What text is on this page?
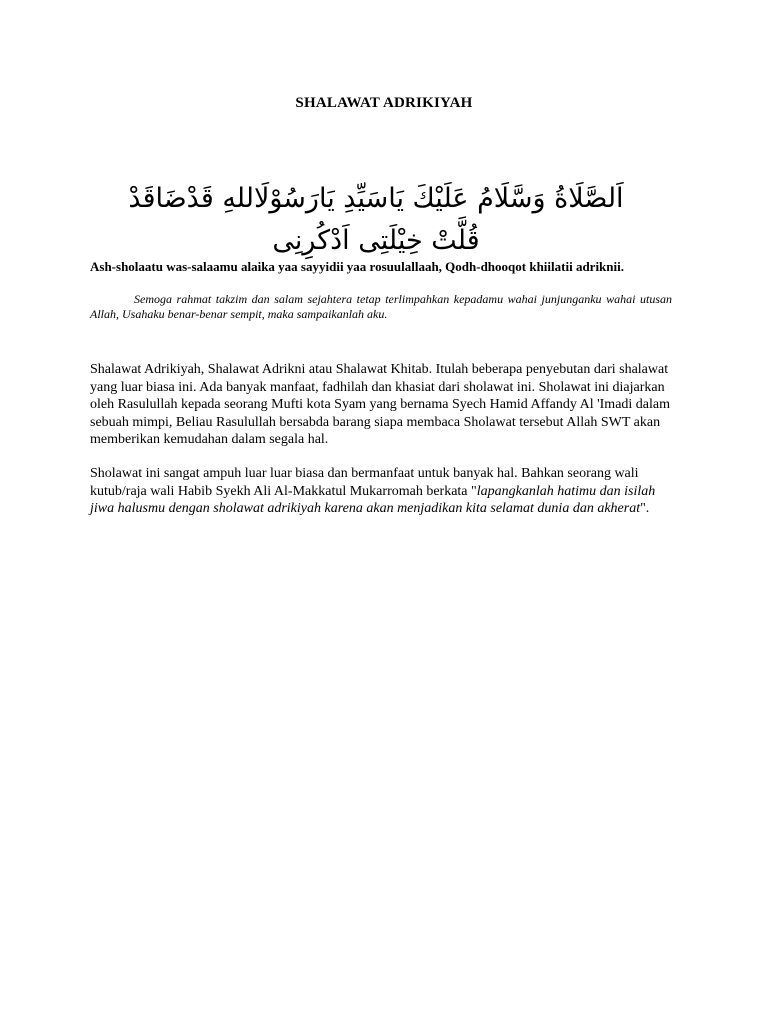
SHALAWAT ADRIKIYAH
اَلصَّلَاةُ وَسَّلَامُ عَلَيْكَ يَاسَيِّدِ يَارَسُوْلَاللهِ قَدْضَاقَدْ قُلَّتْ خِيْلَتِى اَدْكُرِنِى
Ash-sholaatu was-salaamu alaika yaa sayyidii yaa rosuulallaah, Qodh-dhooqot khiilatii adriknii.
Semoga rahmat takzim dan salam sejahtera tetap terlimpahkan kepadamu wahai junjunganku wahai utusan Allah, Usahaku benar-benar sempit, maka sampaikanlah aku.
Shalawat Adrikiyah, Shalawat Adrikni atau Shalawat Khitab. Itulah beberapa penyebutan dari shalawat yang luar biasa ini. Ada banyak manfaat, fadhilah dan khasiat dari sholawat ini. Sholawat ini diajarkan oleh Rasulullah kepada seorang Mufti kota Syam yang bernama Syech Hamid Affandy Al 'Imadi dalam sebuah mimpi, Beliau Rasulullah bersabda barang siapa membaca Sholawat tersebut Allah SWT akan memberikan kemudahan dalam segala hal.
Sholawat ini sangat ampuh luar luar biasa dan bermanfaat untuk banyak hal. Bahkan seorang wali kutub/raja wali Habib Syekh Ali Al-Makkatul Mukarromah berkata "lapangkanlah hatimu dan isilah jiwa halusmu dengan sholawat adrikiyah karena akan menjadikan kita selamat dunia dan akherat".
